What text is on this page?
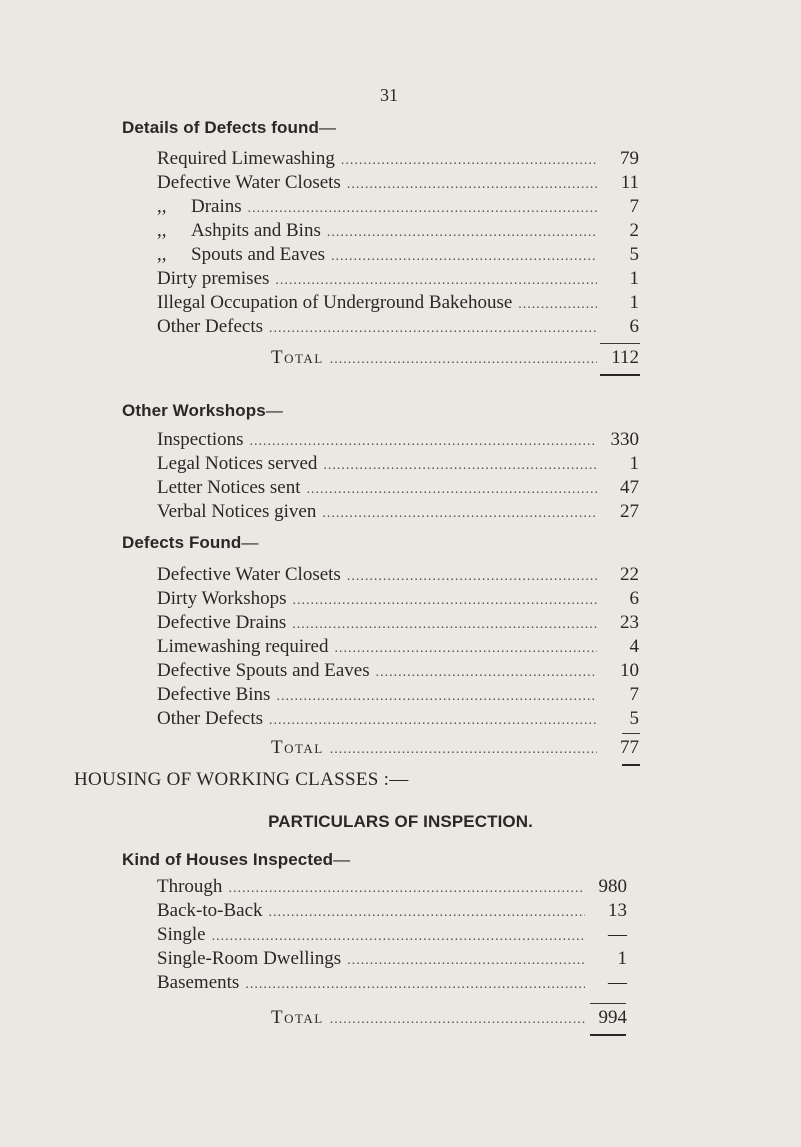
31
Details of Defects found—
Required Limewashing .....	79
Defective Water Closets .....	11
,, Drains .....	7
,, Ashpits and Bins .....	2
,, Spouts and Eaves .....	5
Dirty premises .....	1
Illegal Occupation of Underground Bakehouse .....	1
Other Defects .....	6
Total .....	112
Other Workshops—
Inspections .....	330
Legal Notices served .....	1
Letter Notices sent .....	47
Verbal Notices given .....	27
Defects Found—
Defective Water Closets .....	22
Dirty Workshops .....	6
Defective Drains .....	23
Limewashing required .....	4
Defective Spouts and Eaves .....	10
Defective Bins .....	7
Other Defects .....	5
Total .....	77
HOUSING OF WORKING CLASSES :—
PARTICULARS OF INSPECTION.
Kind of Houses Inspected—
Through .....	980
Back-to-Back .....	13
Single .....	—
Single-Room Dwellings .....	1
Basements .....	—
Total .....	994
